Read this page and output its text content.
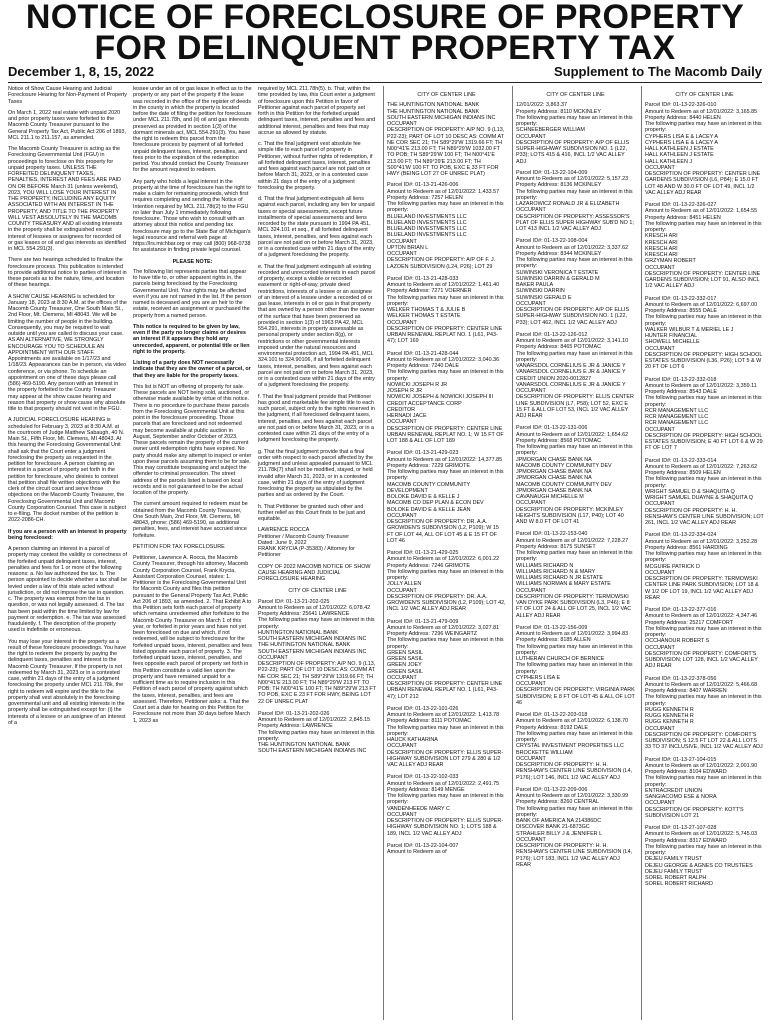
NOTICE OF FORECLOSURE OF PROPERTY
FOR DELINQUENT PROPERTY TAX
December 1, 8, 15, 2022	Supplement to The Macomb Daily

Notice of Show Cause Hearing and Judicial Foreclosure Hearing for Non-Payment of Property Taxes

On March 1, 2022 real estate with unpaid 2020 and prior property taxes were forfeited to the Macomb County Treasurer pursuant to the General Property Tax Act, Public Act 206 of 1893, MCL 211.1 to 211.157, as amended.

The Macomb County Treasurer is acting as the Foreclosing Governmental Unit (FGU) in proceedings to foreclose on this property for unpaid property taxes. UNLESS THE FORFEITED DELINQUENT TAXES, PENALTIES, INTEREST AND FEES ARE PAID ON OR BEFORE March 31 (unless weekend), 2023, YOU WILL LOSE YOUR INTEREST IN THE PROPERTY, INCLUDING ANY EQUITY ASSOCIATED WITH AN INTEREST IN THE PROPERTY, AND TITLE TO THE PROPERTY WILL VEST ABSOLUTELY IN THE MACOMB COUNTY TREASURY AND all existing interests in the property shall be extinguished except interest of lessees or assignees for recorded oil or gas leases or oil and gas interests as identified in MCL 554.291(3).

There are two hearings scheduled to finalize the foreclosure process. This publication is intended to provide additional notice to parties of interest in these parcels as to the nature, time, and location of these hearings.

A SHOW CAUSE HEARING is scheduled for January 18, 2023 at 8:30 A.M. at the offices of the Macomb County Treasurer, One South Main St., 2nd Floor, Mt. Clemens, MI 48043. We will be limiting the number of people in the building. Consequently, you may be required to wait outside until you are called to discuss your case. AS AN ALTERNATIVE, WE STRONGLY ENCOURAGE YOU TO SCHEDULE AN APPOINTMENT WITH OUR STAFF. Appointments are available on 1/17/23 and 1/18/23. Appearances can be in person, via video conference, or via phone. To schedule an appointment on one of these days please call (586) 469-5190. Any person with an interest in the property forfeited to the County Treasurer may appear at the show cause hearing and reason that property or show cause why absolute title to that property should not vest in the FGU.

A JUDICIAL FORECLOSURE HEARING is scheduled for February 3, 2023 at 8:30 A.M. at the courtroom of Judge Matthew Sabaugh, 40 N. Main St., Fifth Floor, Mt. Clemens, MI 48043. At this hearing the Foreclosing Governmental Unit shall ask that the Court enter a judgment foreclosing the property as requested in the petition for foreclosure. A person claiming an interest in a parcel of property set forth in the petition for foreclosure, who desires to contest that petition shall file written objections with the clerk of the circuit court and serve those objections on the Macomb County Treasurer, the Foreclosing Governmental Unit and Macomb County Corporation Counsel. This case is subject to e-filing. The docket number of the petition is 2022-2086-CH.

If you are a person with an interest in property being foreclosed:

A person claiming an interest in a parcel of property may contest the validity or correctness of the forfeited unpaid delinquent taxes, interest, penalties and fees for 1 or more of the following reasons: a. No law authorized the tax. b. The person appointed to decide whether a tax shall be levied under a law of this state acted without jurisdiction, or did not impose the tax in question. c. The property was exempt from the tax in question, or was not legally assessed. d. The tax has been paid within the time limited by law for payment or redemption. e. The tax was assessed fraudulently. f. The description of the property used is indefinite or erroneous.

You may lose your interest in the property as a result of these foreclosure proceedings. You have the right to redeem the property by paying the delinquent taxes, penalties and interest to the Macomb County Treasurer. If the property is not redeemed by March 31, 2023 or in a contested case, within 21 days of the entry of a judgment foreclosing the property under MCL 211.78k, the right to redeem will expire and the title to the property shall vest absolutely in the foreclosing governmental unit and all existing interests in the property shall be extinguished except for: (i) the interests of a lessee or an assignee of an interest of a

lessee under an oil or gas lease in effect as to the property or any part of the property if the lease was recorded in the office of the register of deeds in the county in which the property is located before the date of filing the petition for foreclosure under MCL 211.78h, and (ii) oil and gas interests preserved as provided in section 1(3) of the dormant minerals act, MCL 554.291(3). You have the right to redeem this parcel from the foreclosure process by payment of all forfeited unpaid delinquent taxes, interest, penalties, and fees prior to the expiration of the redemption period. You should contact the County Treasurer for the amount required to redeem.

Any party who holds a legal interest in the property at the time of foreclosure has the right to make a claim for remaining proceeds, which first requires completing and sending the Notice of Intention required by MCL 211.78t(2) to the FGU no later than July 1 immediately following foreclosure. Those who wish to consult with an attorney about this notice and pending tax foreclosure may go to the State Bar of Michigan's legal resource and referral web page at https://lrs.michbar.org or may call (800) 968-0738 for assistance in finding private legal counsel.

PLEASE NOTE:

The following list represents parties that appear to have title to, or other apparent rights in, the parcels being foreclosed by the Foreclosing Governmental Unit. Your rights may be affected even if you are not named in the list. If the person named is deceased and you are an heir to the estate, received an assignment or purchased the property from a named person.

This notice is required to be given by law, even if the party no longer claims or desires an interest if it appears they hold any unrecorded, apparent, or potential title or lien right to the property.

Listing of a party does NOT necessarily indicate that they are the owner of a parcel, or that they are liable for the property taxes.

This list is NOT an offering of property for sale. These parcels are NOT being sold, auctioned, or otherwise made available by virtue of this notice. There is no procedure to purchase these parcels from the Foreclosing Governmental Unit at this point in the foreclosure proceeding. Those parcels that are foreclosed and not redeemed may become available at public auction in August, September and/or October of 2023. These parcels remain the property of the current owner until redemption rights have expired. No party should make any attempt to inspect or enter upon these parcels assuming them to be for sale. This may constitute trespassing and subject the offender to criminal prosecution. The street address of the parcels listed is based on local records and is not guaranteed to be the actual location of the property.

The current amount required to redeem must be obtained from the Macomb County Treasurer, One South Main, 2nd Floor, Mt. Clemens, MI 48043, phone: (586) 469-5190, as additional penalties, fees, and interest have accrued since forfeiture.

PETITION FOR TAX FORECLOSURE

Petitioner, Lawrence A. Rocca, the Macomb County Treasurer, through his attorney, Macomb County Corporation Counsel, Frank Krycia, Assistant Corporation Counsel, states: 1. Petitioner is the Foreclosing Governmental Unit for Macomb County and files this petition pursuant to the General Property Tax Act, Public Act 206 of 1893, as amended. 2. That Exhibit A to this Petition sets forth each parcel of property which remains unredeemed after forfeiture to the Macomb County Treasurer on March 1 of this year, or forfeited in prior years and have not yet been foreclosed on due and which, if not redeemed, will be subject to foreclosure for the forfeited unpaid taxes, interest, penalties and fees listed opposite each parcel of property. 3. The forfeited unpaid taxes, interest, penalties, and fees opposite each parcel of property set forth in this Petition constitute a valid lien upon the property and have remained unpaid for a sufficient time as to require inclusion in this Petition of each parcel of property against which the taxes, interest, penalties, and fees are assessed. Therefore, Petitioner asks: a. That the Court set a date for hearing on this Petition for Foreclosure not more than 30 days before March 1, 2023 as

required by MCL 211.78h(5). b. That, within the time provided by law, this Court enter a judgment of foreclosure upon this Petition in favor of Petitioner against each parcel of property set forth in this Petition for the forfeited unpaid delinquent taxes, interest, penalties and fees and additional interest, penalties and fees that may accrue as allowed by statute.

c. That the final judgment vest absolute fee simple title to each parcel of property in Petitioner, without further rights of redemption, if all forfeited delinquent taxes, interest, penalties and fees against each parcel are not paid on or before March 31, 2023, or in a contested case within 21 days of the entry of a judgment foreclosing the property.

d. That the final judgment extinguish all liens against each parcel, including any lien for unpaid taxes or special assessments, except future installments of special assessments and liens recorded by the state pursuant to 1994 PA 451, MCL 324.101 et seq., if all forfeited delinquent taxes, interest, penalties, and fees against each parcel are not paid on or before March 31, 2023, or in a contested case within 21 days of the entry of a judgment foreclosing the property.

e. That the final judgment extinguish all existing recorded and unrecorded interests in each parcel of property, except a visible or recorded easement or right-of-way, private deed restrictions, interests of a lessee or an assignee of an interest of a lessee under a recorded oil or gas lease, interests in oil or gas in that property that are owned by a person other than the owner of the surface that have been preserved as provided in section 1(3) of 1963 PA 42, MCL 554.291, interests in property assessable as personal property under section 8(g), or restrictions or other governmental interests imposed under the natural resources and environmental protection act, 1994 PA 451, MCL 324.101 to 324.90106, if all forfeited delinquent taxes, interest, penalties, and fees against each parcel are not paid on or before March 31, 2023, or in a contested case within 21 days of the entry of a judgment foreclosing the property.

f. That the final judgment provide that Petitioner has good and marketable fee simple title to each such parcel, subject only to the rights reserved in the judgment, if all foreclosed delinquent taxes, interest, penalties, and fees against each parcel are not paid on or before March 31, 2023, or in a contested case within 21 days of the entry of a judgment foreclosing the property.

g. That the final judgment provide that a final order with respect to each parcel affected by the judgment and unless appealed pursuant to MCL 211.78k(7) shall not be modified, stayed, or held invalid after March 31, 2023, or in a contested case, within 21 days of the entry of judgment foreclosing the property as stipulated by the parties and as ordered by the Court.

h. That Petitioner be granted such other and further relief as this Court finds to be just and equitable.

LAWRENCE ROCCA
Petitioner / Macomb County Treasurer
Dated: June 9, 2022
FRANK KRYCIA (P-35383) / Attorney for Petitioner

COPY OF 2022 MACOMB NOTICE OF SHOW CAUSE HEARING AND JUDICIAL FORECLOSURE HEARING

CITY OF CENTER LINE

Parcel ID#: 01-13-21-202-025
Amount to Redeem as of 12/01/2022: 6,078.42
Property Address: 25641 LAWRENCE
The following parties may have an interest in this property:
HUNTINGTON NATIONAL BANK
SOUTH EASTERN MICHIGAN INDIANS INC
THE HUNTINGTON NATIONAL BANK
SOUTH EASTERN MICHIGAN INDIANS INC
OCCUPANT
DESCRIPTION OF PROPERTY: A/P NO. 9 (L13, P22-23); PART OF LOT 10 DESC AS: COMM AT NE COR SEC 21; TH S89°29'W 1319.66 FT; TH N00°41'E 213.00 FT; TH N89°29'W 213 FT TO POB; TH N00°41'E 100 FT; TH N89°29'W 213 FT TO POB, EXC E 23 FT FOR HWY, BEING LOT 22 OF UNREC PLAT

Parcel ID#: 01-13-21-202-026
Amount to Redeem as of 12/01/2022: 2,845.15
Property Address: LAWRENCE
The following parties may have an interest in this property:
THE HUNTINGTON NATIONAL BANK
SOUTH EASTERN MICHIGAN INDIANS INC

CITY OF CENTER LINE

THE HUNTINGTON NATIONAL BANK
THE HUNTINGTON NATIONAL BANK
SOUTH EASTERN MICHIGAN INDIANS INC
OCCUPANT
DESCRIPTION OF PROPERTY: A/P NO. 9 (L13, P22-23); PART OF LOT 10 DESC AS: COMM AT NE COR SEC 21; TH S89°29'W 1319.66 FT; TH N00°41'E 213.00 FT; TH N89°29'W 1032.00 FT TO POB; TH S89°29'W 100 FT; TH N00°41'E 213.00 FT; TH N89°29'E 213.00 FT; TH S00°41'W 100 FT TO POB, EXC E 33 FT FOR HWY (BEING LOT 27 OF UNREC PLAT)

Parcel ID#: 01-13-21-426-006
Amount to Redeem as of 12/01/2022: 1,433.57
Property Address: 7257 HELEN
The following parties may have an interest in this property:
BLUELAND INVESTMENTS LLC
BLUELAND INVESTMENTS LLC
BLUELAND INVESTMENTS LLC
BLUELAND INVESTMENTS LLC
OCCUPANT
UPTON BRIAN L
OCCUPANT
DESCRIPTION OF PROPERTY: A/P OF F. J. LAZOEN SUBDIVISION (L24, P26); LOT 29

Parcel ID#: 01-13-21-428-033
Amount to Redeem as of 12/01/2022: 1,461.40
Property Address: 7271 VOERNER
The following parties may have an interest in this property:
WELKER THOMAS T & JULIE B
WELKER THOMAS T ESTATE
OCCUPANT
DESCRIPTION OF PROPERTY: CENTER LINE URBAN RENEWAL REPLAT NO. 1 (L61, P43-47); LOT 169

Parcel ID#: 01-13-21-428-044
Amount to Redeem as of 12/01/2022: 3,040.36
Property Address: 7240 DALE
The following parties may have an interest in this property:
NOWICKI JOSEPH R JR
JOSEPH R JR
NOWICKI JOSEPH & NOWICKI JOSEPH III
CREDIT ACCEPTANCE CORP
CREDITOR
HERNADI JACE
OCCUPANT
DESCRIPTION OF PROPERTY: CENTER LINE URBAN RENEWAL REPLAT NO. 1; W 15 FT OF LOT 188 & ALL OF LOT 189

Parcel ID#: 01-13-21-429-023
Amount to Redeem as of 12/01/2022: 14,377.85
Property Address: 7229 GRIMOTE
The following parties may have an interest in this property:
MACOMB COUNTY COMMUNITY DEVELOPMENT
BOLOKE DAVID E & KELLE J
MACOMB CO DEP PLAN & ECON DEV
BOLOKE DAVID E & KELLE JEAN
OCCUPANT
DESCRIPTION OF PROPERTY: DR. A.A. GROWDEN'S SUBDIVISION (L2, P109); W 15 FT OF LOT 44, ALL OF LOT 45 & E 15 FT OF LOT 46

Parcel ID#: 01-13-21-429-025
Amount to Redeem as of 12/01/2022: 6,001.22
Property Address: 7246 GRIMOTE
The following parties may have an interest in this property:
JOLLY ALLEN
OCCUPANT
DESCRIPTION OF PROPERTY: DR. A.A. GROWDEN'S SUBDIVISION (L2, P109); LOT 42, INCL 1/2 VAC ALLEY ADJ REAR

Parcel ID#: 01-13-21-479-009
Amount to Redeem as of 12/01/2022: 3,027.81
Property Address: 7296 WEINGARTZ
The following parties may have an interest in this property:
GREEN SASIL
GREEN SASIL
GREEN JOEY
GREEN SASIL
OCCUPANT
DESCRIPTION OF PROPERTY: CENTER LINE URBAN RENEWAL REPLAT NO. 1 (L61, P43-47); LOT 212

Parcel ID#: 01-13-22-101-026
Amount to Redeem as of 12/01/2022: 1,413.78
Property Address: 8111 POTOMAC
The following parties may have an interest in this property:
HAUCK KATHARINA
OCCUPANT
DESCRIPTION OF PROPERTY: ELLIS SUPER-HIGHWAY SUBDIVISION LOT 279 & 280 & 1/2 VAC ALLEY ADJ REAR

Parcel ID#: 01-13-22-102-033
Amount to Redeem as of 12/01/2022: 2,491.75
Property Address: 8149 MENGE
The following parties may have an interest in this property:
VANDENHEEDE MARY C
OCCUPANT
DESCRIPTION OF PROPERTY: ELLIS SUPER-HIGHWAY SUBDIVISION NO. 1; LOTS 188 & 189, INCL 1/2 VAC ALLEY ADJ

Parcel ID#: 01-13-22-104-007
Amount to Redeem as of

CITY OF CENTER LINE

12/01/2022: 3,863.37
Property Address: 8110 MCKINLEY
The following parties may have an interest in this property:
SCHNEEBERGER WILLIAM
OCCUPANT
DESCRIPTION OF PROPERTY: A/P OF ELLIS SUPER-HIGHWAY SUBDIVISION NO. 1 (L22, P33); LOTS 415 & 416, INCL 1/2 VAC ALLEY ADJ

Parcel ID#: 01-13-22-104-009
Amount to Redeem as of 12/01/2022: 5,157.23
Property Address: 8136 MCKINLEY
The following parties may have an interest in this property:
LAZAROWICZ RONALD JR & ELIZABETH
OCCUPANT
DESCRIPTION OF PROPERTY: ASSESSOR'S PLAT OF ELLIS SUPER HIGHWAY SUB'D NO 1; LOT 413 INCL 1/2 VAC ALLEY ADJ

Parcel ID#: 01-13-22-108-004
Amount to Redeem as of 12/01/2022: 3,337.62
Property Address: 8344 MCKINLEY
The following parties may have an interest in this property:
SUWINSKI VERONICA T ESTATE
SUWINSKI DARRIN & GERALD M
BAKER PAULA
SUWINSKI DARRIN
SUWINSKI GERALD E
OCCUPANT
DESCRIPTION OF PROPERTY: A/P OF ELLIS SUPER-HIGHWAY SUBDIVISION NO. 1 (L22, P33); LOT 462, INCL 1/2 VAC ALLEY ADJ

Parcel ID#: 01-13-22-126-012
Amount to Redeem as of 12/01/2022: 3,141.10
Property Address: 8465 POTOMAC
The following parties may have an interest in this property:
VANARSDOL CORNELIUS E JR & JANICE Y
VANARSDOL CORNELIUS E JR & JANICE Y
CREDIT UNION 2020-0012827
VANARSDOL CORNELIUS E JR & JANICE Y
OCCUPANT
DESCRIPTION OF PROPERTY: ELLIS CENTER LINE SUBDIVISION (L7, P58); LOT 52, EXC E 15 FT & ALL OF LOT 53, INCL 1/2 VAC ALLEY ADJ REAR

Parcel ID#: 01-13-22-131-006
Amount to Redeem as of 12/01/2022: 1,654.62
Property Address: 8568 POTOMAC
The following parties may have an interest in this property:
JPMORGAN CHASE BANK NA
MACOMB COUNTY COMMUNITY DEV
JPMORGAN CHASE BANK NA
JPMORGAN CHASE BANK NA
MACOMB COUNTY COMMUNITY DEV
JPMORGAN CHASE BANK NA
CAVANAUGH MICHELLE M
OCCUPANT
DESCRIPTION OF PROPERTY: MCKINLEY HEIGHTS SUBDIVISION (L17, P40); LOT 40 AND W 8.0 FT OF LOT 41

Parcel ID#: 01-13-22-153-040
Amount to Redeem as of 12/01/2022: 7,228.27
Property Address: 8175 SUNSET
The following parties may have an interest in this property:
WILLIAMS RICHARD N
WILLIAMS RICHARD N & MARY
WILLIAMS RICHARD N JR ESTATE
WILLIAMS NORMAN & MARY ESTATE
OCCUPANT
DESCRIPTION OF PROPERTY: TERMOWSKI VAN DYKE PARK SUBDIVISION (L3, P46); E 8 FT OF LOT 24 & ALL OF LOT 25, INCL 1/2 VAC ALLEY ADJ REAR

Parcel ID#: 01-13-22-156-009
Amount to Redeem as of 12/01/2022: 3,994.83
Property Address: 8185 ALLEN
The following parties may have an interest in this property:
LUTHERAN CHURCH OF BERNICE
The following parties may have an interest in this property:
CYPHERS LISA E
OCCUPANT
DESCRIPTION OF PROPERTY: VIRGINIA PARK SUBDIVISION; E 8 FT OF LOT 45 & ALL OF LOT 46

Parcel ID#: 01-13-22-203-018
Amount to Redeem as of 12/01/2022: 6,138.70
Property Address: 8192 DALE
The following parties may have an interest in this property:
CRYSTAL INVESTMENT PROPERTIES LLC
BROCKETTE WILLIAM
OCCUPANT
DESCRIPTION OF PROPERTY: H. H. RENSHAW'S CENTER LINE SUBDIVISION (L4, P176); LOT 146, INCL 1/2 VAC ALLEY ADJ

Parcel ID#: 01-13-22-209-006
Amount to Redeem as of 12/01/2022: 3,330.99
Property Address: 8260 CENTRAL
The following parties may have an interest in this property:
BANK OF AMERICA NA 214386DC
DISCOVER BANK 21-6873GC
STRAHLER BILLY J & JENNIFER L
OCCUPANT
DESCRIPTION OF PROPERTY: H. H. RENSHAW'S CENTER LINE SUBDIVISION (L4, P176); LOT 183, INCL 1/2 VAC ALLEY ADJ REAR

CITY OF CENTER LINE

Parcel ID#: 01-13-22-326-010
Amount to Redeem as of 12/01/2022: 3,165.85
Property Address: 8440 HELEN
The following parties may have an interest in this property:
CYPHERS LISA E & LACEY A
CYPHERS LISA E & LACEY A
HALL KATHLEEN J ESTATE
HALL KATHLEEN J ESTATE
HALL KATHLEEN J
OCCUPANT
DESCRIPTION OF PROPERTY: CENTER LINE GARDENS SUBDIVISION (L6, P84); E 15.0 FT LOT 48 AND W 30.0 FT OF LOT 49, INCL 1/2 VAC ALLEY ADJ REAR

Parcel ID#: 01-13-22-326-027
Amount to Redeem as of 12/01/2022: 1,654.55
Property Address: 8451 HELEN
The following parties may have an interest in this property:
KRESCH ARI
KRESCH ARI
KRESCH ARI
KRESCH ARI
GRZYMAN ROBERT
OCCUPANT
DESCRIPTION OF PROPERTY: CENTER LINE GARDENS SUBDIVISION; LOT 91, ALSO INCL 1/2 VAC ALLEY ADJ

Parcel ID#: 01-13-22-332-017
Amount to Redeem as of 12/01/2022: 6,697.00
Property Address: 8555 DALE
The following parties may have an interest in this property:
WALKER WILBUR T & MERIEL LE J
HUNTER FINANCIAL
SHOWELL MICHELLE
OCCUPANT
DESCRIPTION OF PROPERTY: HIGH SCHOOL ESTATES SUBDIVISION (L36, P26); LOT 5 & W 20 FT OF LOT 6

Parcel ID#: 01-13-22-332-018
Amount to Redeem as of 12/01/2022: 3,359.11
Property Address: 8543 DALE
The following parties may have an interest in this property:
RCR MANAGEMENT LLC
RCR MANAGEMENT LLC
RCR MANAGEMENT LLC
OCCUPANT
DESCRIPTION OF PROPERTY: HIGH SCHOOL ESTATES SUBDIVISION; E 40 FT LOT 6 & W 29 FT OF LOT 7

Parcel ID#: 01-13-22-333-014
Amount to Redeem as of 12/01/2022: 7,263.62
Property Address: 8509 HELEN
The following parties may have an interest in this property:
WRIGHT SAMUEL D & SHAQUITA Q
WRIGHT SAMUEL DUAYNE & SHAQUITA Q
OCCUPANT
DESCRIPTION OF PROPERTY: H. H. RENSHAW'S CENTER LINE SUBDIVISION; LOT 261, INCL 1/2 VAC ALLEY ADJ REAR

Parcel ID#: 01-13-22-334-024
Amount to Redeem as of 12/01/2022: 3,252.28
Property Address: 8561 HARDING
The following parties may have an interest in this property:
MCGUIRE PATRICK D
OCCUPANT
DESCRIPTION OF PROPERTY: TERMOWSKI CENTER LINE PARK SUBDIVISION; LOT 18 & W 1/2 OF LOT 19, INCL 1/2 VAC ALLEY ADJ REAR

Parcel ID#: 01-13-22-377-016
Amount to Redeem as of 12/01/2022: 4,347.46
Property Address: 25217 COMFORT
The following parties may have an interest in this property:
OCCHANOUR ROBERT S
OCCUPANT
DESCRIPTION OF PROPERTY: COMFORT'S SUBDIVISION; LOT 128, INCL 1/2 VAC ALLEY ADJ REAR

Parcel ID#: 01-13-22-378-056
Amount to Redeem as of 12/01/2022: 5,466.68
Property Address: 8407 WARREN
The following parties may have an interest in this property:
RUGG KENNETH R
RUGG KENNETH R
RUGG KENNETH R
OCCUPANT
DESCRIPTION OF PROPERTY: COMFORT'S SUBDIVISION; S 12.5 FT LOT 22 & ALL LOTS 33 TO 37 INCLUSIVE, INCL 1/2 VAC ALLEY ADJ

Parcel ID#: 01-13-27-104-015
Amount to Redeem as of 12/01/2022: 2,001.90
Property Address: 8104 EDWARD
The following parties may have an interest in this property:
ENTRACREDIT UNION
SANGIACOMO ESE & NORA
OCCUPANT
DESCRIPTION OF PROPERTY: KOTT'S SUBDIVISION LOT 21

Parcel ID#: 01-13-27-107-028
Amount to Redeem as of 12/01/2022: 5,745.03
Property Address: 8317 EDWARD
The following parties may have an interest in this property:
DEJEU FAMILY TRUST
DEJEU GEORGE & AGNES CO TRUSTEES
DEJEU FAMILY TRUST
SOREL ROBERT RALPH
SOREL ROBERT RICHARD
